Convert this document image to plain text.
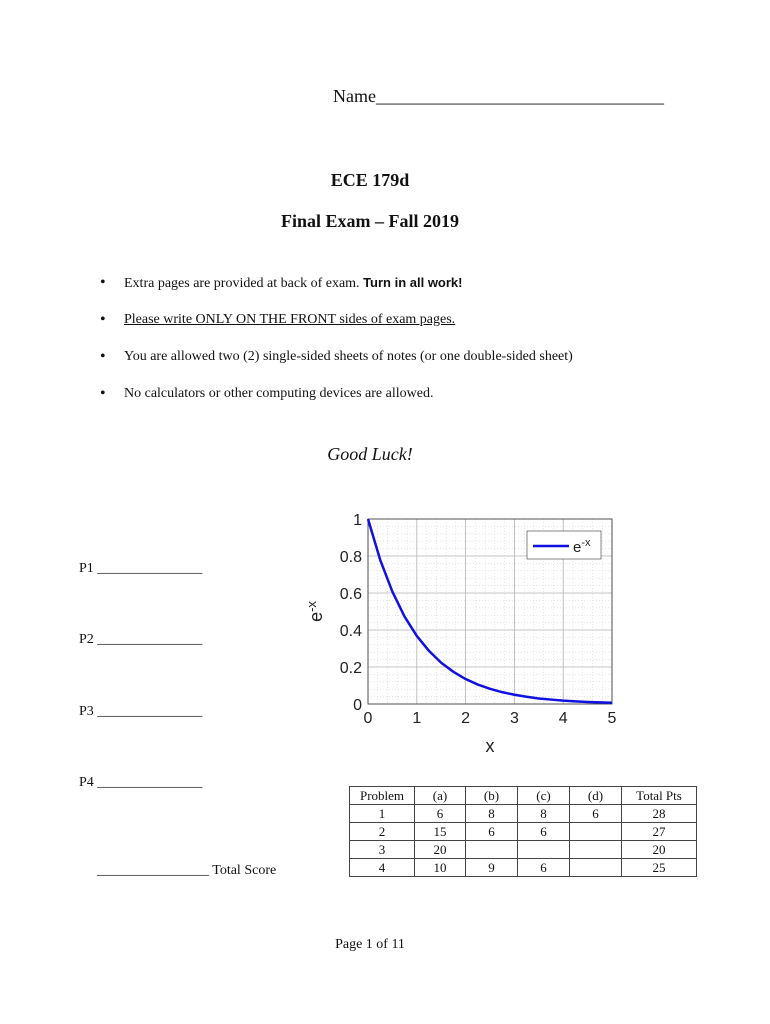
Name________________________________
ECE 179d
Final Exam – Fall 2019
• Extra pages are provided at back of exam. Turn in all work!
• Please write ONLY ON THE FRONT sides of exam pages.
• You are allowed two (2) single-sided sheets of notes (or one double-sided sheet)
• No calculators or other computing devices are allowed.
Good Luck!
P1 _______________
P2 _______________
P3 _______________
P4 _______________
________________ Total Score
0 1 2 3 4 5
0
0.2
0.4
0.6
0.8
1
x
$e^{-x}$
$e^{-x}$
Problem	(a)	(b)	(c)	(d)	Total Pts
1	6	8	8	6	28
2	15	6	6		27
3	20				20
4	10	9	6		25
Page 1 of 11
